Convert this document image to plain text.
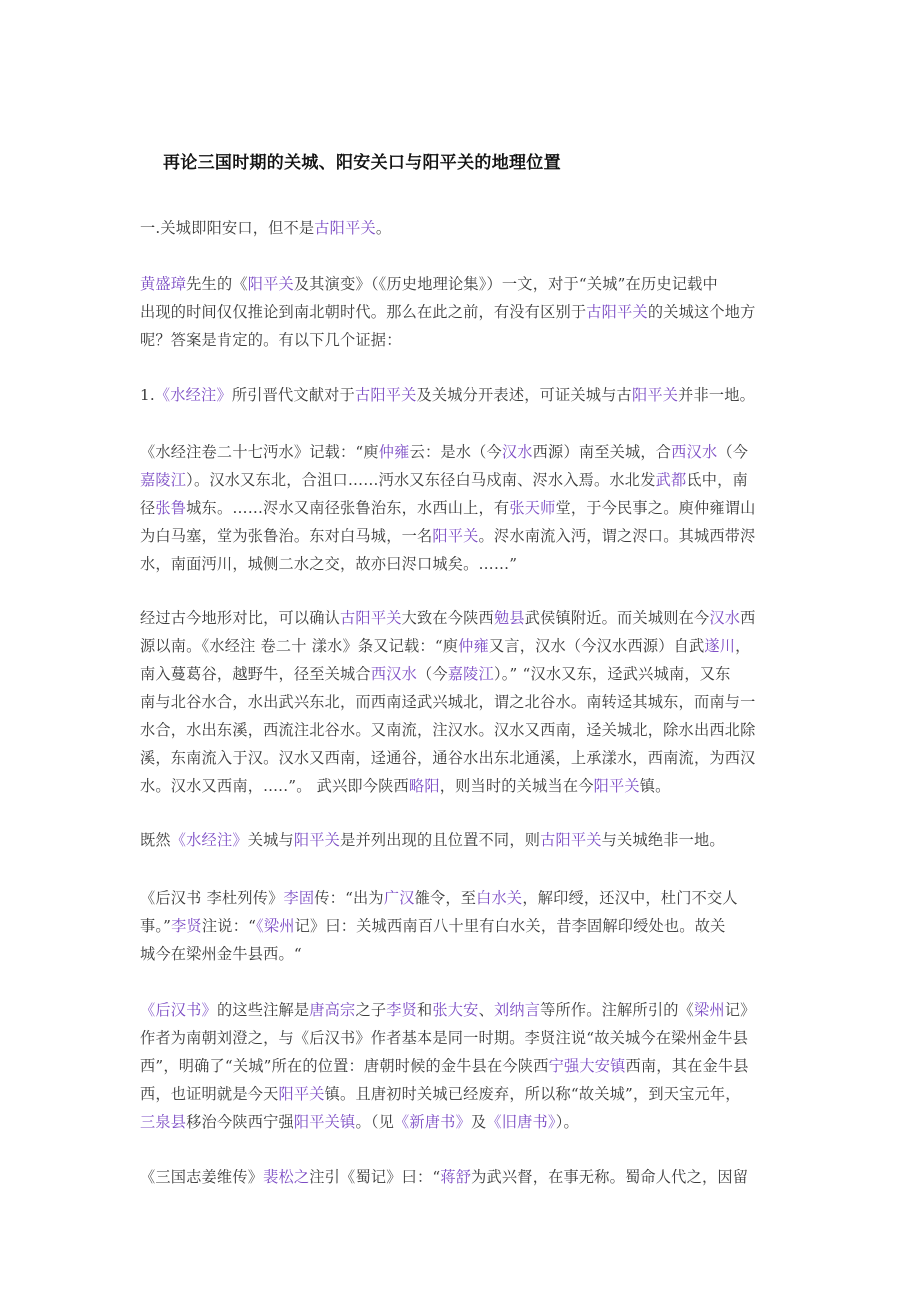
再论三国时期的关城、阳安关口与阳平关的地理位置
一.关城即阳安口，但不是古阳平关。
黄盛璋先生的《阳平关及其演变》（《历史地理论集》）一文，对于“关城”在历史记载中
出现的时间仅仅推论到南北朝时代。那么在此之前，有没有区别于古阳平关的关城这个地方
呢？答案是肯定的。有以下几个证据：
1.《水经注》所引晋代文献对于古阳平关及关城分开表述，可证关城与古阳平关并非一地。
《水经注卷二十七沔水》记载：“庾仲雍云：是水（今汉水西源）南至关城，合西汉水（今
嘉陵江）。汉水又东北，合沮口……沔水又东径白马戍南、浕水入焉。水北发武都氐中，南
径张鲁城东。……浕水又南径张鲁治东，水西山上，有张天师堂，于今民事之。庾仲雍谓山
为白马塞，堂为张鲁治。东对白马城，一名阳平关。浕水南流入沔，谓之浕口。其城西带浕
水，南面沔川，城侧二水之交，故亦曰浕口城矣。……”
经过古今地形对比，可以确认古阳平关大致在今陕西勉县武侯镇附近。而关城则在今汉水西
源以南。《水经注 卷二十 漾水》条又记载：“庾仲雍又言，汉水（今汉水西源）自武遂川，
南入蔓葛谷，越野牛，径至关城合西汉水（今嘉陵江）。” “汉水又东，迳武兴城南，又东
南与北谷水合，水出武兴东北，而西南迳武兴城北，谓之北谷水。南转迳其城东，而南与一
水合，水出东溪，西流注北谷水。又南流，注汉水。汉水又西南，迳关城北，除水出西北除
溪，东南流入于汉。汉水又西南，迳通谷，通谷水出东北通溪，上承漾水，西南流，为西汉
水。汉水又西南，.....”。 武兴即今陕西略阳，则当时的关城当在今阳平关镇。
既然《水经注》关城与阳平关是并列出现的且位置不同，则古阳平关与关城绝非一地。
《后汉书 李杜列传》李固传：“出为广汉雒令，至白水关，解印绶，还汉中，杜门不交人
事。”李贤注说：“《梁州记》曰：关城西南百八十里有白水关，昔李固解印绶处也。故关
城今在梁州金牛县西。“
《后汉书》的这些注解是唐高宗之子李贤和张大安、刘纳言等所作。注解所引的《梁州记》
作者为南朝刘澄之，与《后汉书》作者基本是同一时期。李贤注说“故关城今在梁州金牛县
西”，明确了“关城”所在的位置：唐朝时候的金牛县在今陕西宁强大安镇西南，其在金牛县
西，也证明就是今天阳平关镇。且唐初时关城已经废弃，所以称“故关城”，到天宝元年，
三泉县移治今陕西宁强阳平关镇。（见《新唐书》及《旧唐书》）。
《三国志姜维传》裴松之注引《蜀记》曰：“蒋舒为武兴督，在事无称。蜀命人代之，因留
